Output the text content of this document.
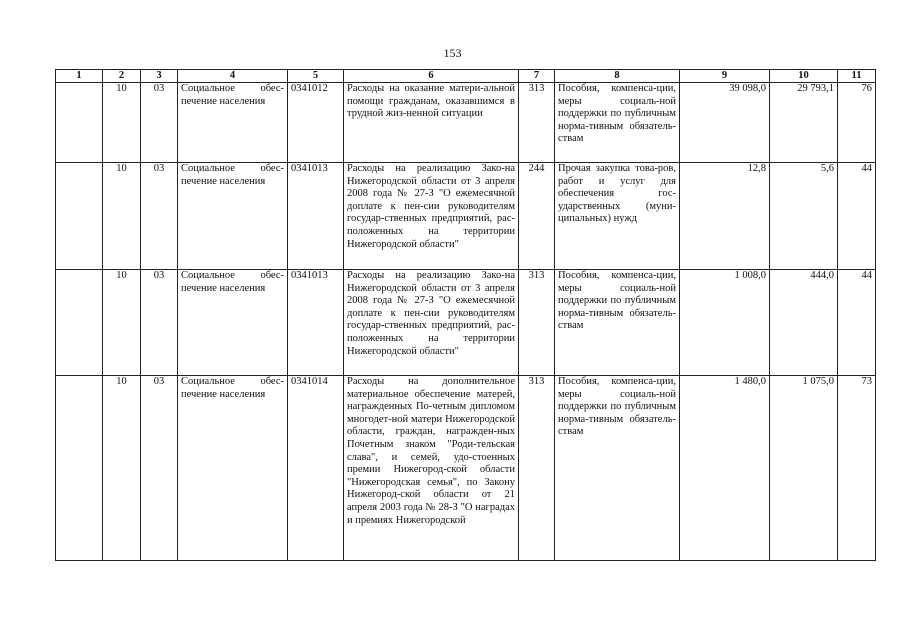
153
1	2	3	4	5	6	7	8	9	10	11
	10	03	Социальное обес-печение населения	0341012	Расходы на оказание матери-альной помощи гражданам, оказавшимся в трудной жиз-ненной ситуации	313	Пособия, компенса-ции, меры социаль-ной поддержки по публичным норма-тивным обязатель-ствам	39 098,0	29 793,1	76
	10	03	Социальное обес-печение населения	0341013	Расходы на реализацию Зако-на Нижегородской области от 3 апреля 2008 года № 27-З "О ежемесячной доплате к пен-сии руководителям государ-ственных предприятий, рас-положенных на территории Нижегородской области"	244	Прочая закупка това-ров, работ и услуг для обеспечения гос-ударственных (муни-ципальных) нужд	12,8	5,6	44
	10	03	Социальное обес-печение населения	0341013	Расходы на реализацию Зако-на Нижегородской области от 3 апреля 2008 года № 27-З "О ежемесячной доплате к пен-сии руководителям государ-ственных предприятий, рас-положенных на территории Нижегородской области"	313	Пособия, компенса-ции, меры социаль-ной поддержки по публичным норма-тивным обязатель-ствам	1 008,0	444,0	44
	10	03	Социальное обес-печение населения	0341014	Расходы на дополнительное материальное обеспечение матерей, награжденных По-четным дипломом многодет-ной матери Нижегородской области, граждан, награжден-ных Почетным знаком "Роди-тельская слава", и семей, удо-стоенных премии Нижегород-ской области "Нижегородская семья", по Закону Нижегород-ской области от 21 апреля 2003 года № 28-З "О наградах и премиях Нижегородской	313	Пособия, компенса-ции, меры социаль-ной поддержки по публичным норма-тивным обязатель-ствам	1 480,0	1 075,0	73
